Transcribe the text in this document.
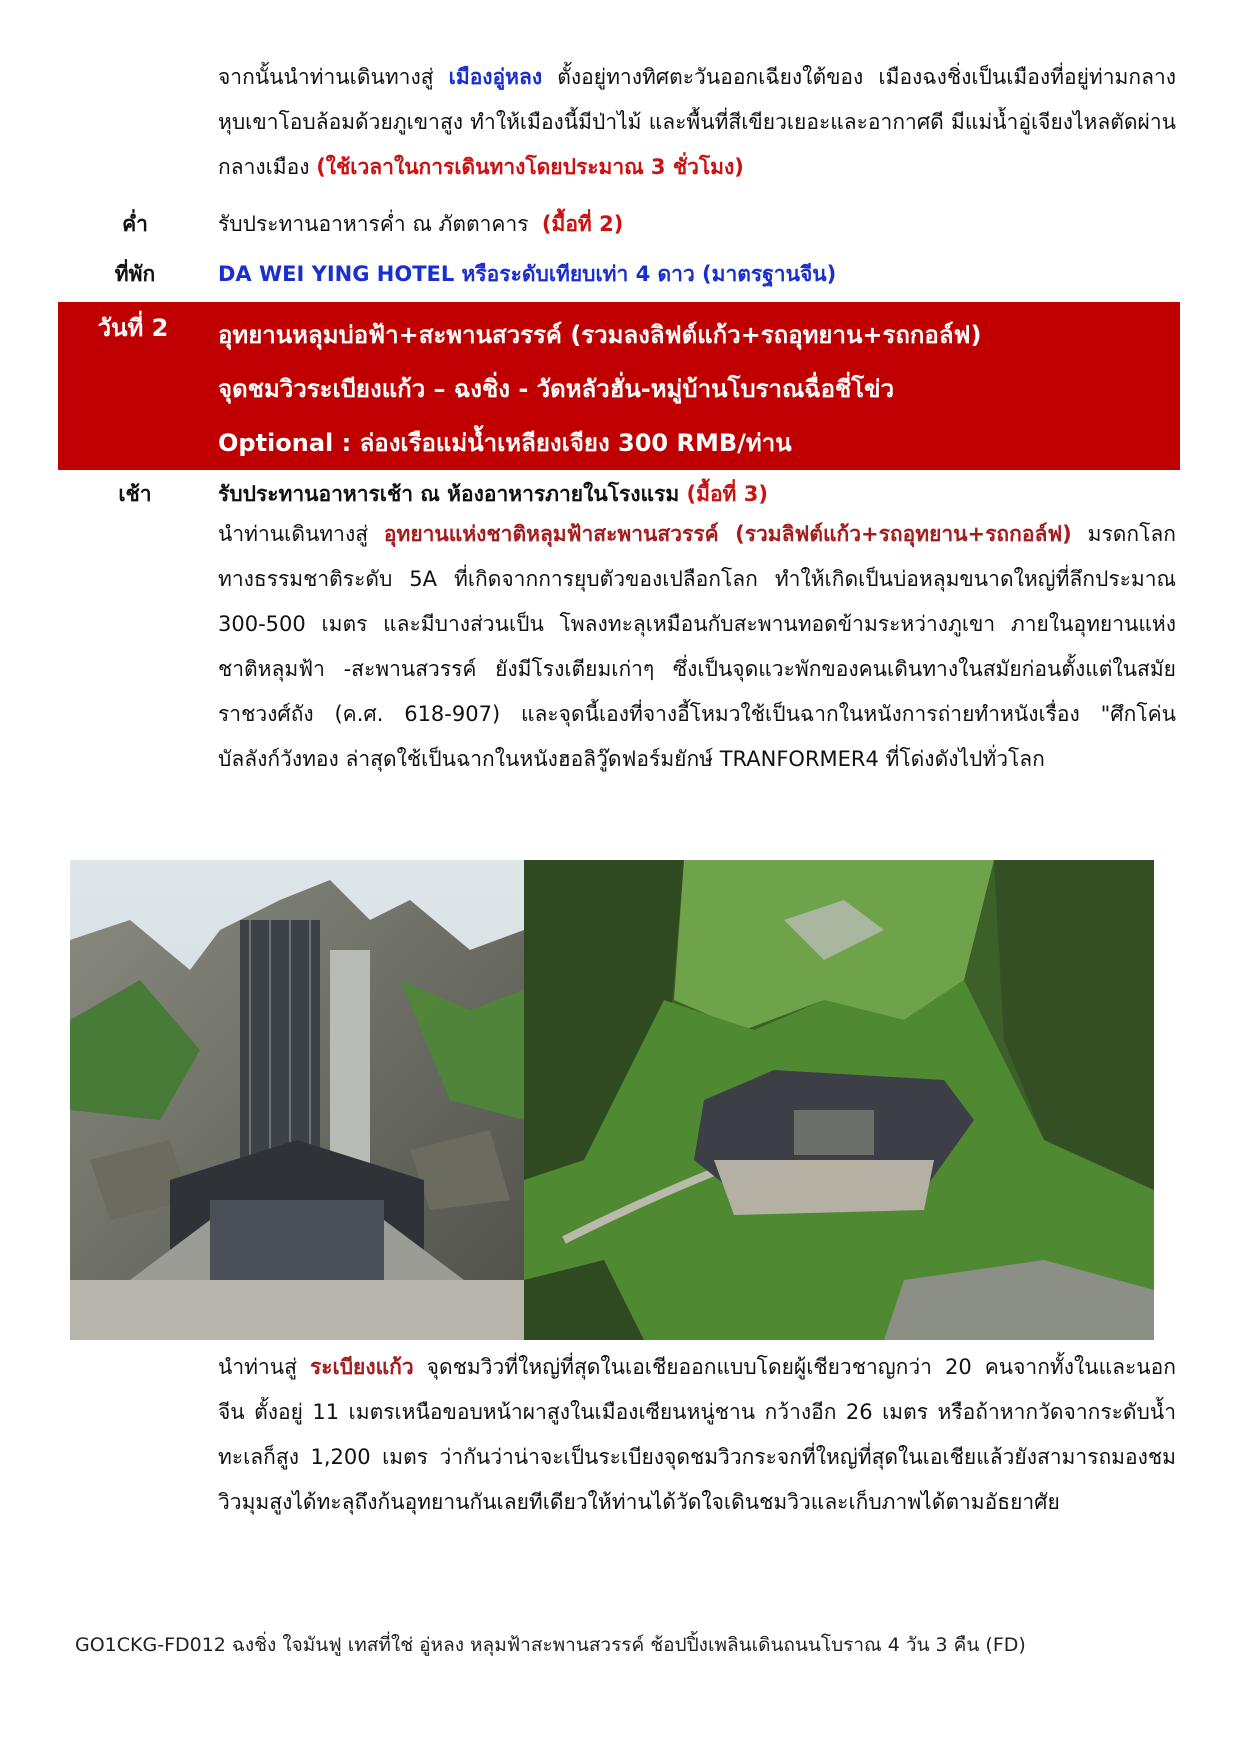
จากนั้นนำท่านเดินทางสู่ เมืองอู่หลง ตั้งอยู่ทางทิศตะวันออกเฉียงใต้ของ เมืองฉงชิ่งเป็นเมืองที่อยู่ท่ามกลางหุบเขาโอบล้อมด้วยภูเขาสูง ทำให้เมืองนี้มีป่าไม้ และพื้นที่สีเขียวเยอะและอากาศดี มีแม่น้ำอู่เจียงไหลตัดผ่านกลางเมือง (ใช้เวลาในการเดินทางโดยประมาณ 3 ชั่วโมง)
ค่ำ	รับประทานอาหารค่ำ ณ ภัตตาคาร  (มื้อที่ 2)
ที่พัก	DA WEI YING HOTEL หรือระดับเทียบเท่า 4 ดาว (มาตรฐานจีน)
วันที่ 2	อุทยานหลุมบ่อฟ้า+สะพานสวรรค์ (รวมลงลิฟต์แก้ว+รถอุทยาน+รถกอล์ฟ)
จุดชมวิวระเบียงแก้ว – ฉงชิ่ง - วัดหลัวฮั่น-หมู่บ้านโบราณฉื่อชี่โข่ว
Optional : ล่องเรือแม่น้ำเหลียงเจียง 300 RMB/ท่าน
เช้า	รับประทานอาหารเช้า ณ ห้องอาหารภายในโรงแรม (มื้อที่ 3)
นำท่านเดินทางสู่ อุทยานแห่งชาติหลุมฟ้าสะพานสวรรค์ (รวมลิฟต์แก้ว+รถอุทยาน+รถกอล์ฟ) มรดกโลกทางธรรมชาติระดับ 5A ที่เกิดจากการยุบตัวของเปลือกโลก ทำให้เกิดเป็นบ่อหลุมขนาดใหญ่ที่ลึกประมาณ 300-500 เมตร และมีบางส่วนเป็น โพลงทะลุเหมือนกับสะพานทอดข้ามระหว่างภูเขา ภายในอุทยานแห่งชาติหลุมฟ้า -สะพานสวรรค์ ยังมีโรงเตียมเก่าๆ ซึ่งเป็นจุดแวะพักของคนเดินทางในสมัยก่อนตั้งแต่ในสมัยราชวงศ์ถัง (ค.ศ. 618-907) และจุดนี้เองที่จางอี้โหมวใช้เป็นฉากในหนังการถ่ายทำหนังเรื่อง "ศึกโค่นบัลลังก์วังทอง ล่าสุดใช้เป็นฉากในหนังฮอลิวู๊ดฟอร์มยักษ์ TRANFORMER4 ที่โด่งดังไปทั่วโลก
นำท่านสู่ ระเบียงแก้ว จุดชมวิวที่ใหญ่ที่สุดในเอเชียออกแบบโดยผู้เชียวชาญกว่า 20 คนจากทั้งในและนอกจีน ตั้งอยู่ 11 เมตรเหนือขอบหน้าผาสูงในเมืองเซียนหนู่ชาน กว้างอีก 26 เมตร หรือถ้าหากวัดจากระดับน้ำทะเลก็สูง 1,200 เมตร ว่ากันว่าน่าจะเป็นระเบียงจุดชมวิวกระจกที่ใหญ่ที่สุดในเอเชียแล้วยังสามารถมองชมวิวมุมสูงได้ทะลุถึงก้นอุทยานกันเลยทีเดียวให้ท่านได้วัดใจเดินชมวิวและเก็บภาพได้ตามอัธยาศัย
GO1CKG-FD012 ฉงชิ่ง ใจมันฟู เทสที่ใช่ อู่หลง หลุมฟ้าสะพานสวรรค์ ช้อปปิ้งเพลินเดินถนนโบราณ 4 วัน 3 คืน (FD)
